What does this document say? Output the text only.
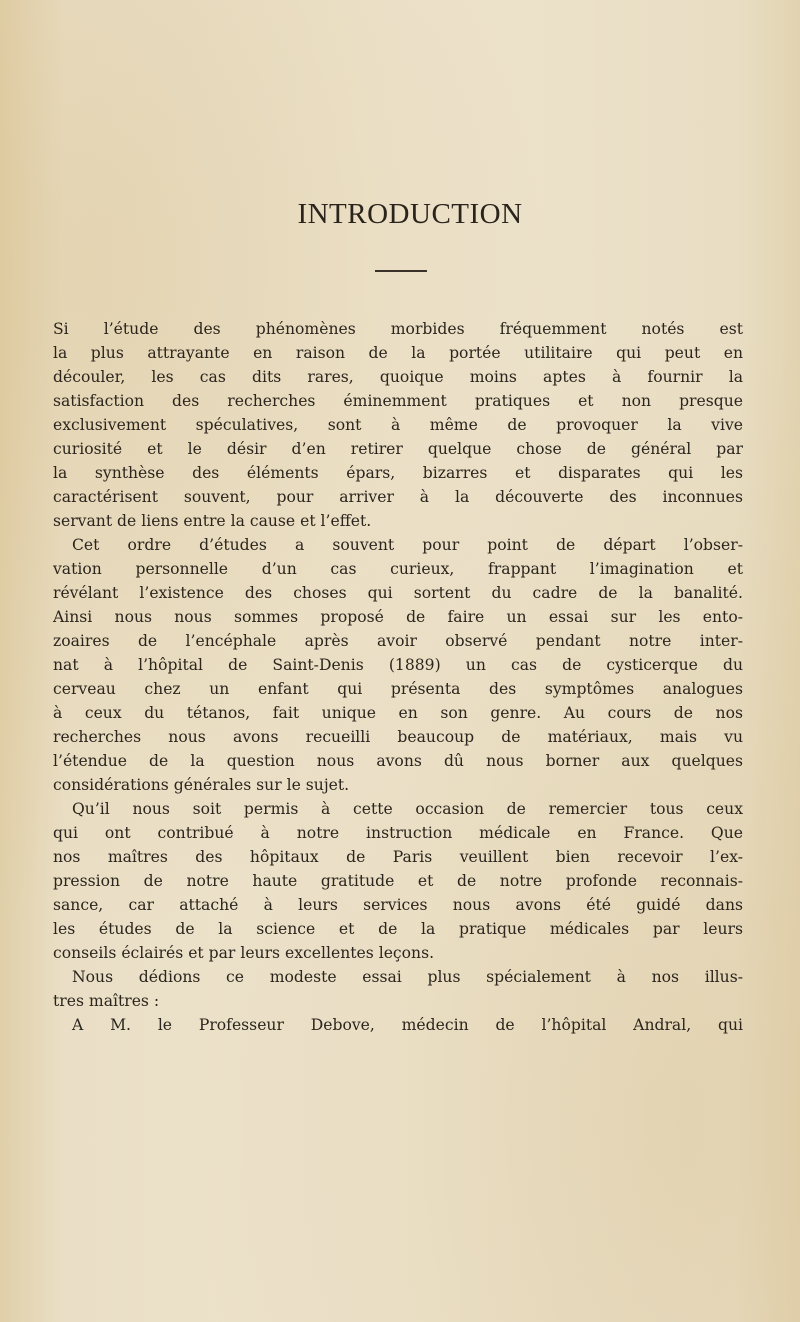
INTRODUCTION

Si l’étude des phénomènes morbides fréquemment notés est

la plus attrayante en raison de la portée utilitaire qui peut en

découler, les cas dits rares, quoique moins aptes à fournir la

satisfaction des recherches éminemment pratiques et non presque

exclusivement spéculatives, sont à même de provoquer la vive

curiosité et le désir d’en retirer quelque chose de général par

la synthèse des éléments épars, bizarres et disparates qui les

caractérisent souvent, pour arriver à la découverte des inconnues

servant de liens entre la cause et l’effet.

Cet ordre d’études a souvent pour point de départ l’obser-

vation personnelle d’un cas curieux, frappant l’imagination et

révélant l’existence des choses qui sortent du cadre de la banalité.

Ainsi nous nous sommes proposé de faire un essai sur les ento-

zoaires de l’encéphale après avoir observé pendant notre inter-

nat à l’hôpital de Saint-Denis (1889) un cas de cysticerque du

cerveau chez un enfant qui présenta des symptômes analogues

à ceux du tétanos, fait unique en son genre. Au cours de nos

recherches nous avons recueilli beaucoup de matériaux, mais vu

l’étendue de la question nous avons dû nous borner aux quelques

considérations générales sur le sujet.

Qu’il nous soit permis à cette occasion de remercier tous ceux

qui ont contribué à notre instruction médicale en France. Que

nos maîtres des hôpitaux de Paris veuillent bien recevoir l’ex-

pression de notre haute gratitude et de notre profonde reconnais-

sance, car attaché à leurs services nous avons été guidé dans

les études de la science et de la pratique médicales par leurs

conseils éclairés et par leurs excellentes leçons.

Nous dédions ce modeste essai plus spécialement à nos illus-

tres maîtres :

A M. le Professeur Debove, médecin de l’hôpital Andral, qui
